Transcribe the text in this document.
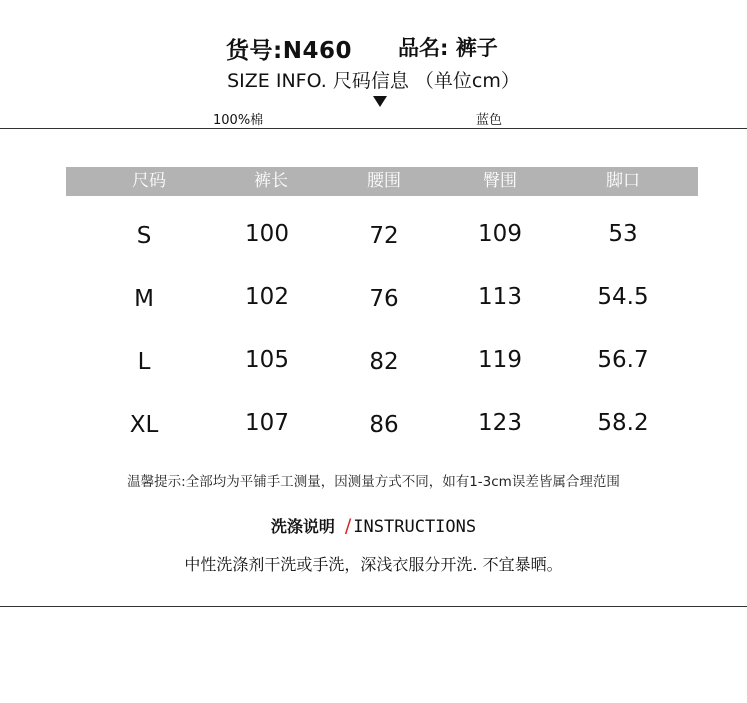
货号:N460 品名: 裤子
SIZE INFO. 尺码信息 （单位cm）
100%棉	蓝色
尺码	裤长	腰围	臀围	脚口
S	100	72	109	53
M	102	76	113	54.5
L	105	82	119	56.7
XL	107	86	123	58.2
温馨提示:全部均为平铺手工测量，因测量方式不同，如有1-3cm误差皆属合理范围
洗涤说明 / INSTRUCTIONS
中性洗涤剂干洗或手洗，深浅衣服分开洗. 不宜暴晒。
